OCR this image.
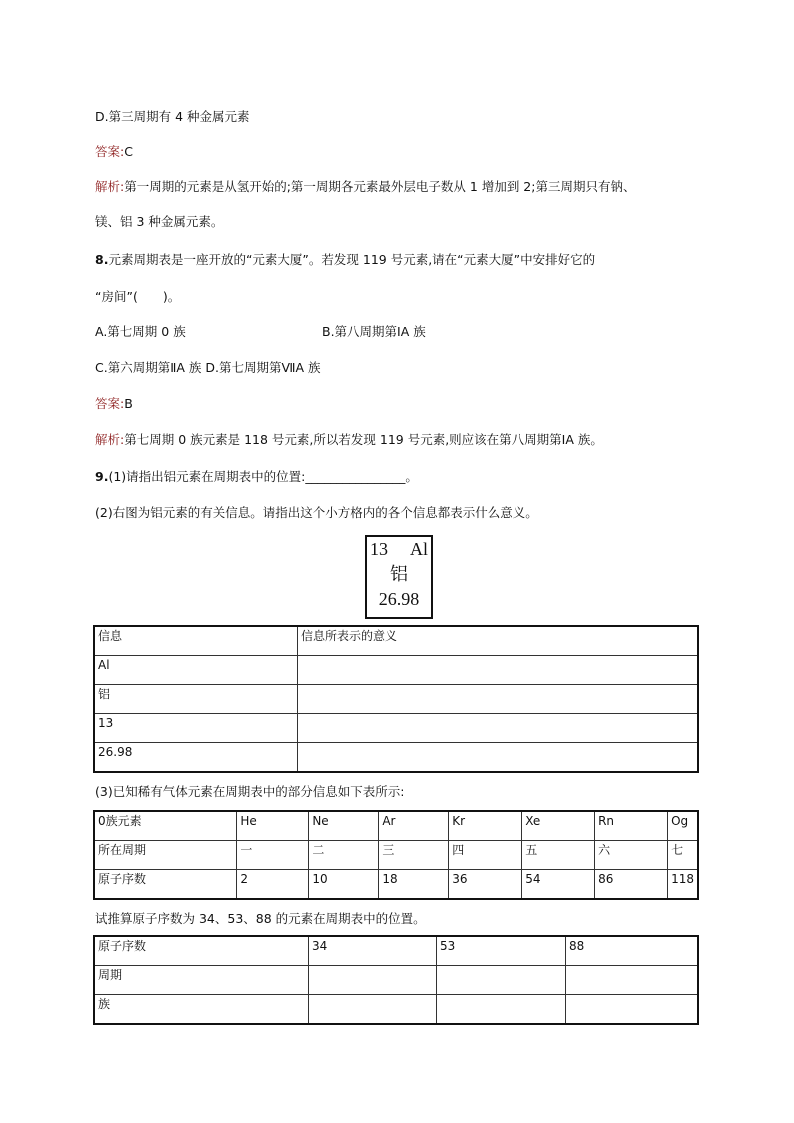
D.第三周期有 4 种金属元素
答案:C
解析:第一周期的元素是从氢开始的;第一周期各元素最外层电子数从 1 增加到 2;第三周期只有钠、
镁、铝 3 种金属元素。
8.元素周期表是一座开放的“元素大厦”。若发现 119 号元素,请在“元素大厦”中安排好它的
“房间”(　　)。
A.第七周期 0 族	B.第八周期第ⅠA 族
C.第六周期第ⅡA 族 D.第七周期第ⅦA 族
答案:B
解析:第七周期 0 族元素是 118 号元素,所以若发现 119 号元素,则应该在第八周期第ⅠA 族。
9.(1)请指出铝元素在周期表中的位置:________________。
(2)右图为铝元素的有关信息。请指出这个小方格内的各个信息都表示什么意义。
13 Al
铝
26.98
信息	信息所表示的意义
Al	
铝	
13	
26.98	
(3)已知稀有气体元素在周期表中的部分信息如下表所示:
0族元素	He	Ne	Ar	Kr	Xe	Rn	Og
所在周期	一	二	三	四	五	六	七
原子序数	2	10	18	36	54	86	118
试推算原子序数为 34、53、88 的元素在周期表中的位置。
原子序数	34	53	88
周期			
族			
